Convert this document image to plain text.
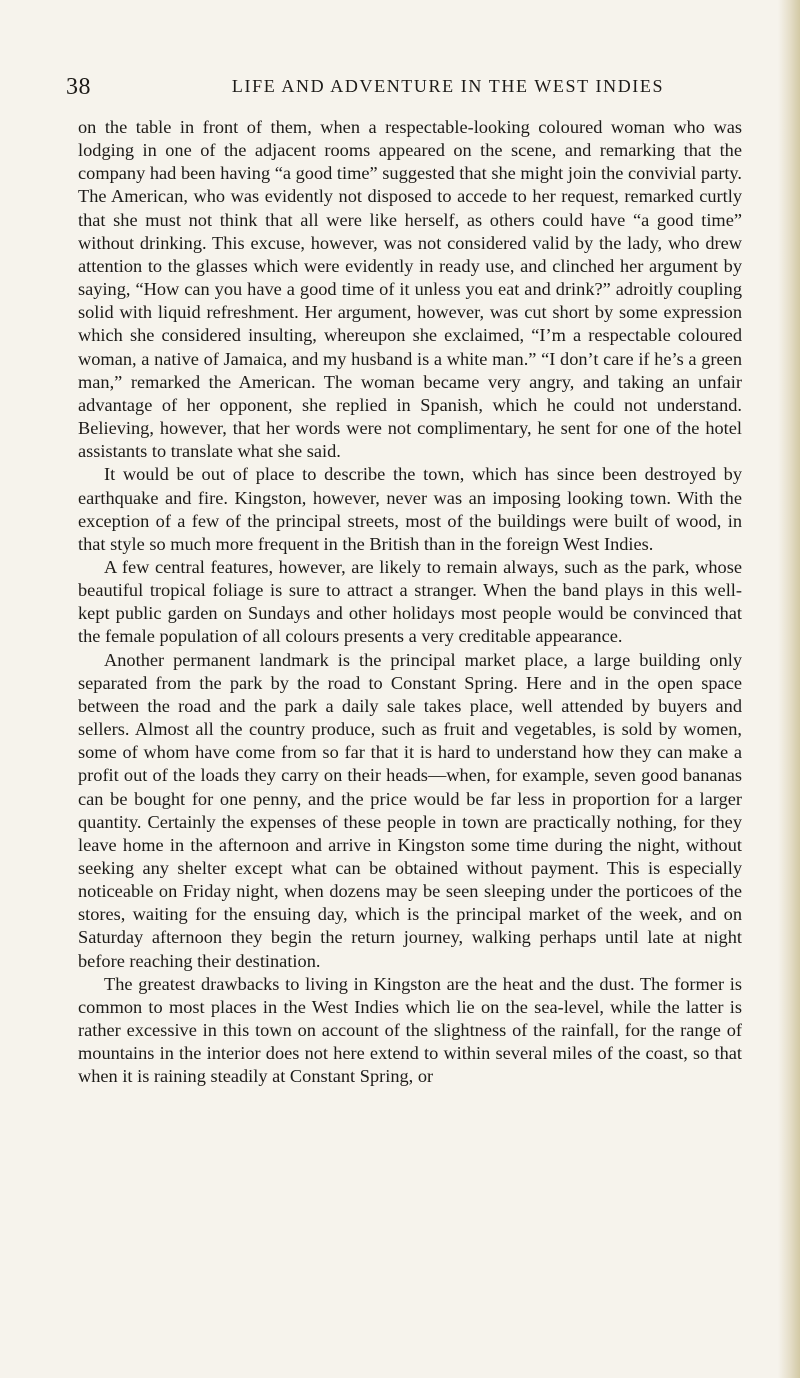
38	LIFE AND ADVENTURE IN THE WEST INDIES

on the table in front of them, when a respectable-looking coloured woman who was lodging in one of the adjacent rooms appeared on the scene, and remarking that the company had been having “a good time” suggested that she might join the convivial party. The American, who was evidently not disposed to accede to her request, remarked curtly that she must not think that all were like herself, as others could have “a good time” without drinking. This excuse, however, was not considered valid by the lady, who drew attention to the glasses which were evidently in ready use, and clinched her argument by saying, “How can you have a good time of it unless you eat and drink?” adroitly coupling solid with liquid refreshment. Her argument, however, was cut short by some expression which she considered insulting, whereupon she exclaimed, “I’m a respectable coloured woman, a native of Jamaica, and my husband is a white man.” “I don’t care if he’s a green man,” remarked the American. The woman became very angry, and taking an unfair advantage of her opponent, she replied in Spanish, which he could not understand. Believing, however, that her words were not complimentary, he sent for one of the hotel assistants to translate what she said.

It would be out of place to describe the town, which has since been destroyed by earthquake and fire. Kingston, however, never was an imposing looking town. With the exception of a few of the principal streets, most of the buildings were built of wood, in that style so much more frequent in the British than in the foreign West Indies.

A few central features, however, are likely to remain always, such as the park, whose beautiful tropical foliage is sure to attract a stranger. When the band plays in this well-kept public garden on Sundays and other holidays most people would be convinced that the female population of all colours presents a very creditable appearance.

Another permanent landmark is the principal market place, a large building only separated from the park by the road to Constant Spring. Here and in the open space between the road and the park a daily sale takes place, well attended by buyers and sellers. Almost all the country produce, such as fruit and vegetables, is sold by women, some of whom have come from so far that it is hard to understand how they can make a profit out of the loads they carry on their heads—when, for example, seven good bananas can be bought for one penny, and the price would be far less in proportion for a larger quantity. Certainly the expenses of these people in town are practically nothing, for they leave home in the afternoon and arrive in Kingston some time during the night, without seeking any shelter except what can be obtained without payment. This is especially noticeable on Friday night, when dozens may be seen sleeping under the porticoes of the stores, waiting for the ensuing day, which is the principal market of the week, and on Saturday afternoon they begin the return journey, walking perhaps until late at night before reaching their destination.

The greatest drawbacks to living in Kingston are the heat and the dust. The former is common to most places in the West Indies which lie on the sea-level, while the latter is rather excessive in this town on account of the slightness of the rainfall, for the range of mountains in the interior does not here extend to within several miles of the coast, so that when it is raining steadily at Constant Spring, or
